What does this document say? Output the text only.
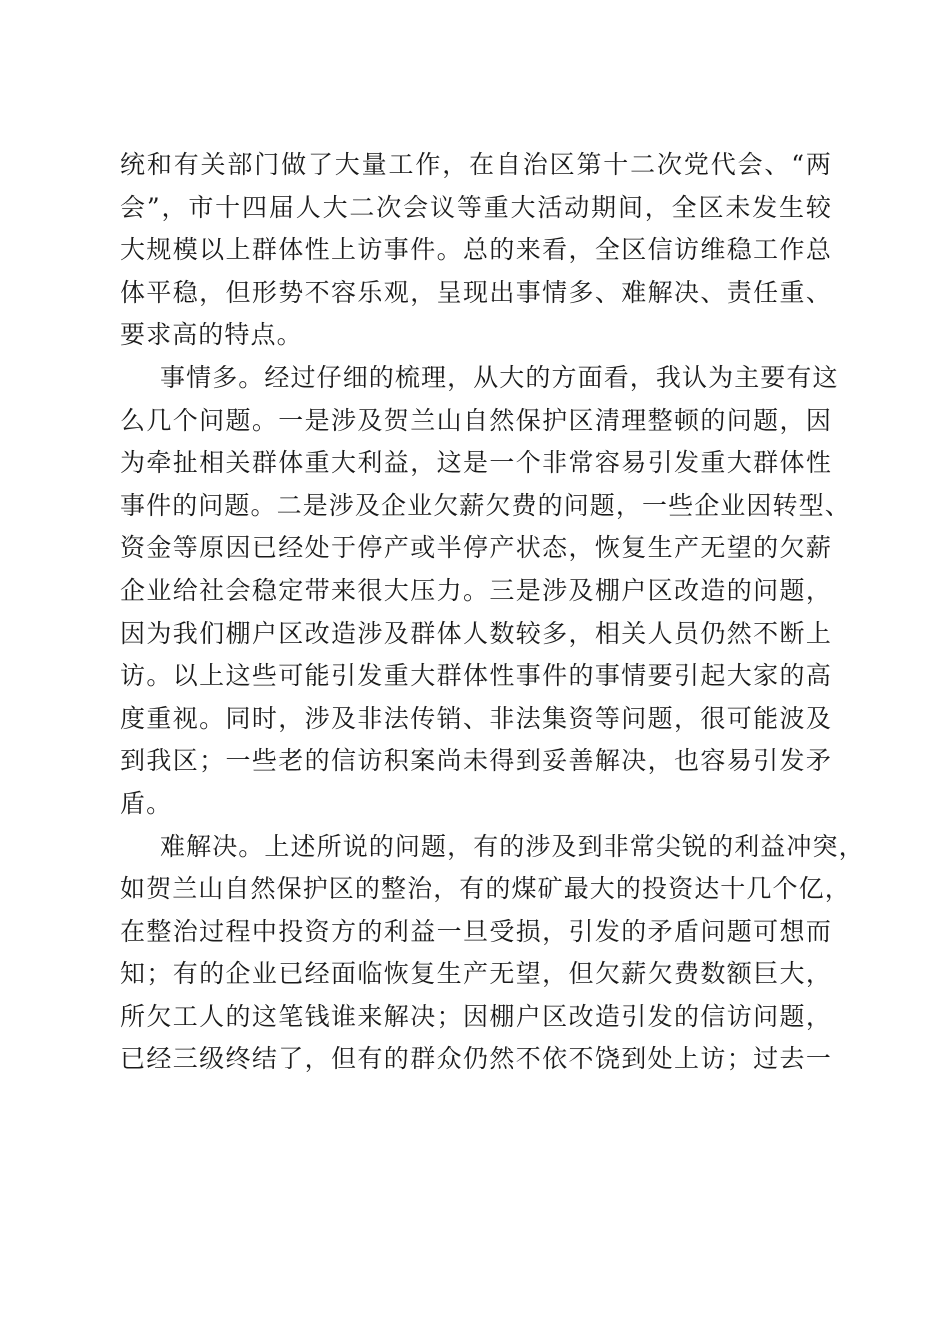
统和有关部门做了大量工作，在自治区第十二次党代会、“两
会”，市十四届人大二次会议等重大活动期间，全区未发生较
大规模以上群体性上访事件。总的来看，全区信访维稳工作总
体平稳，但形势不容乐观，呈现出事情多、难解决、责任重、
要求高的特点。
事情多。经过仔细的梳理，从大的方面看，我认为主要有这
么几个问题。一是涉及贺兰山自然保护区清理整顿的问题，因
为牵扯相关群体重大利益，这是一个非常容易引发重大群体性
事件的问题。二是涉及企业欠薪欠费的问题，一些企业因转型、
资金等原因已经处于停产或半停产状态，恢复生产无望的欠薪
企业给社会稳定带来很大压力。三是涉及棚户区改造的问题，
因为我们棚户区改造涉及群体人数较多，相关人员仍然不断上
访。以上这些可能引发重大群体性事件的事情要引起大家的高
度重视。同时，涉及非法传销、非法集资等问题，很可能波及
到我区；一些老的信访积案尚未得到妥善解决，也容易引发矛
盾。
难解决。上述所说的问题，有的涉及到非常尖锐的利益冲突，
如贺兰山自然保护区的整治，有的煤矿最大的投资达十几个亿，
在整治过程中投资方的利益一旦受损，引发的矛盾问题可想而
知；有的企业已经面临恢复生产无望，但欠薪欠费数额巨大，
所欠工人的这笔钱谁来解决；因棚户区改造引发的信访问题，
已经三级终结了，但有的群众仍然不依不饶到处上访；过去一
